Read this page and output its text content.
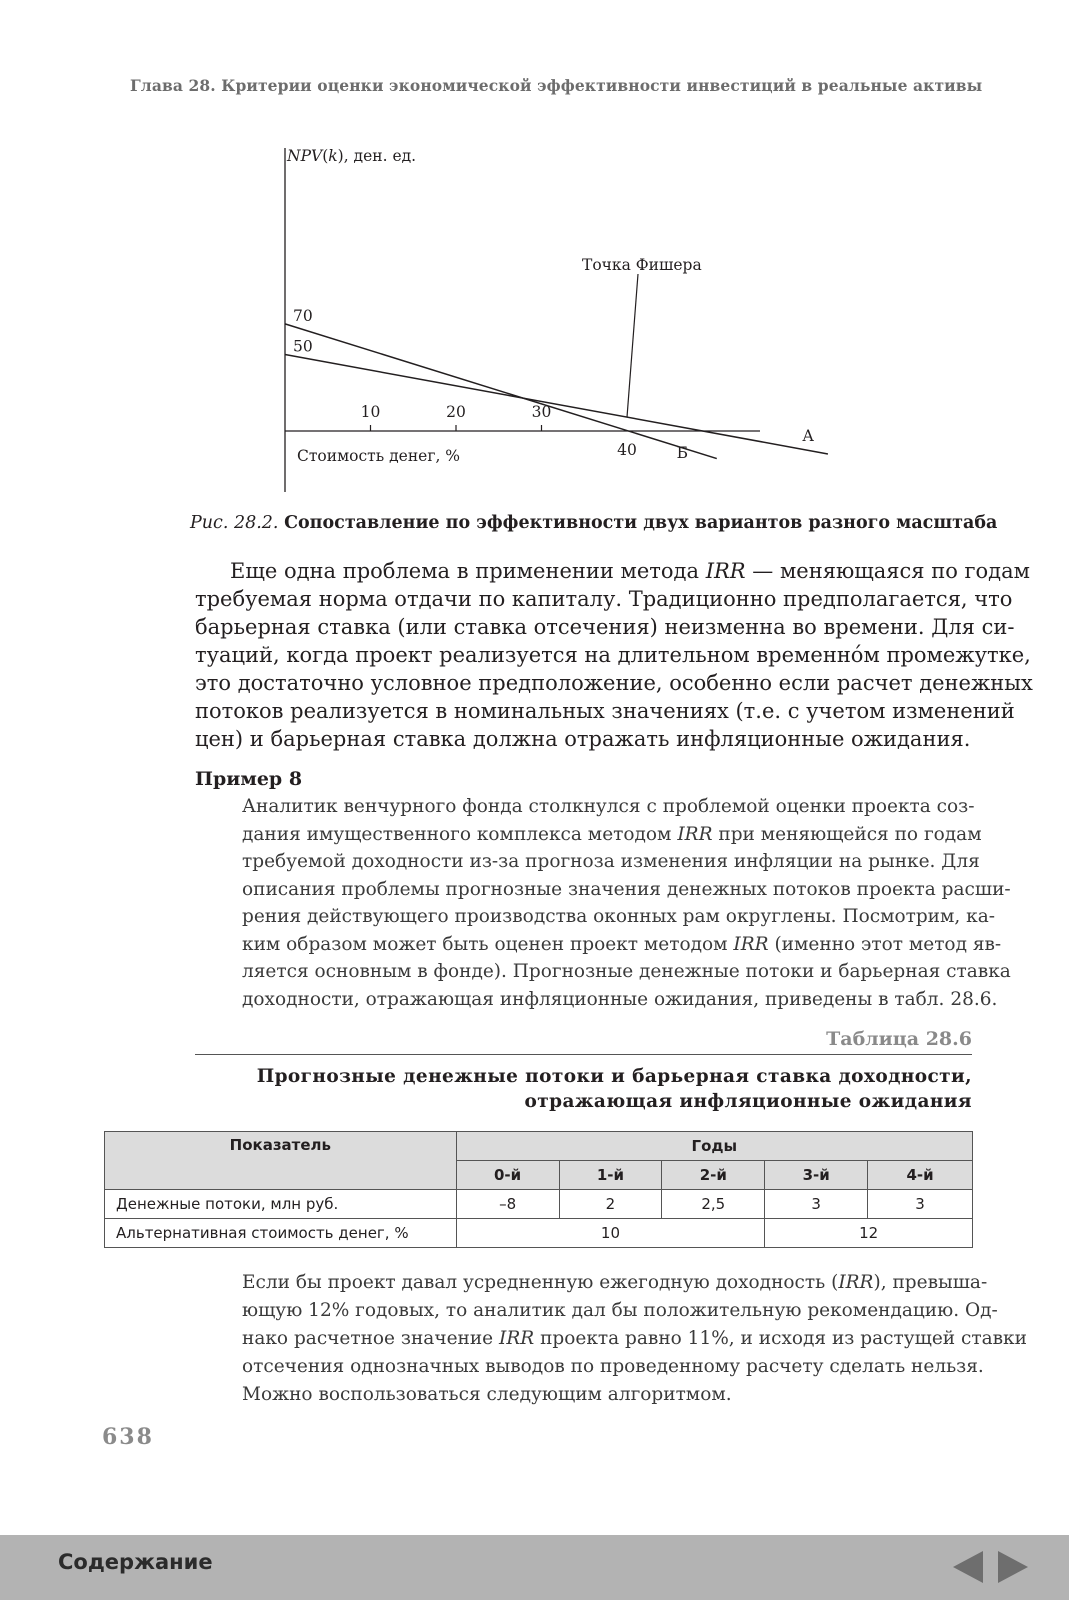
Глава 28. Критерии оценки экономической эффективности инвестиций в реальные активы
NPV(k), ден. ед.
70
50
10	20	30
40
Стоимость денег, %
А
Б
Точка Фишера
Рис. 28.2. Сопоставление по эффективности двух вариантов разного масштаба
Еще одна проблема в применении метода IRR — меняющаяся по годам
требуемая норма отдачи по капиталу. Традиционно предполагается, что
барьерная ставка (или ставка отсечения) неизменна во времени. Для си-
туаций, когда проект реализуется на длительном временно́м промежутке,
это достаточно условное предположение, особенно если расчет денежных
потоков реализуется в номинальных значениях (т.е. с учетом изменений
цен) и барьерная ставка должна отражать инфляционные ожидания.
Пример 8
Аналитик венчурного фонда столкнулся с проблемой оценки проекта соз-
дания имущественного комплекса методом IRR при меняющейся по годам
требуемой доходности из-за прогноза изменения инфляции на рынке. Для
описания проблемы прогнозные значения денежных потоков проекта расши-
рения действующего производства оконных рам округлены. Посмотрим, ка-
ким образом может быть оценен проект методом IRR (именно этот метод яв-
ляется основным в фонде). Прогнозные денежные потоки и барьерная ставка
доходности, отражающая инфляционные ожидания, приведены в табл. 28.6.
Таблица 28.6
Прогнозные денежные потоки и барьерная ставка доходности,
отражающая инфляционные ожидания
Показатель	Годы				
	0-й	1-й	2-й	3-й	4-й
Денежные потоки, млн руб.	–8	2	2,5	3	3
Альтернативная стоимость денег, %	10			12	
Если бы проект давал усредненную ежегодную доходность (IRR), превыша-
ющую 12% годовых, то аналитик дал бы положительную рекомендацию. Од-
нако расчетное значение IRR проекта равно 11%, и исходя из растущей ставки
отсечения однозначных выводов по проведенному расчету сделать нельзя.
Можно воспользоваться следующим алгоритмом.
638
Содержание
